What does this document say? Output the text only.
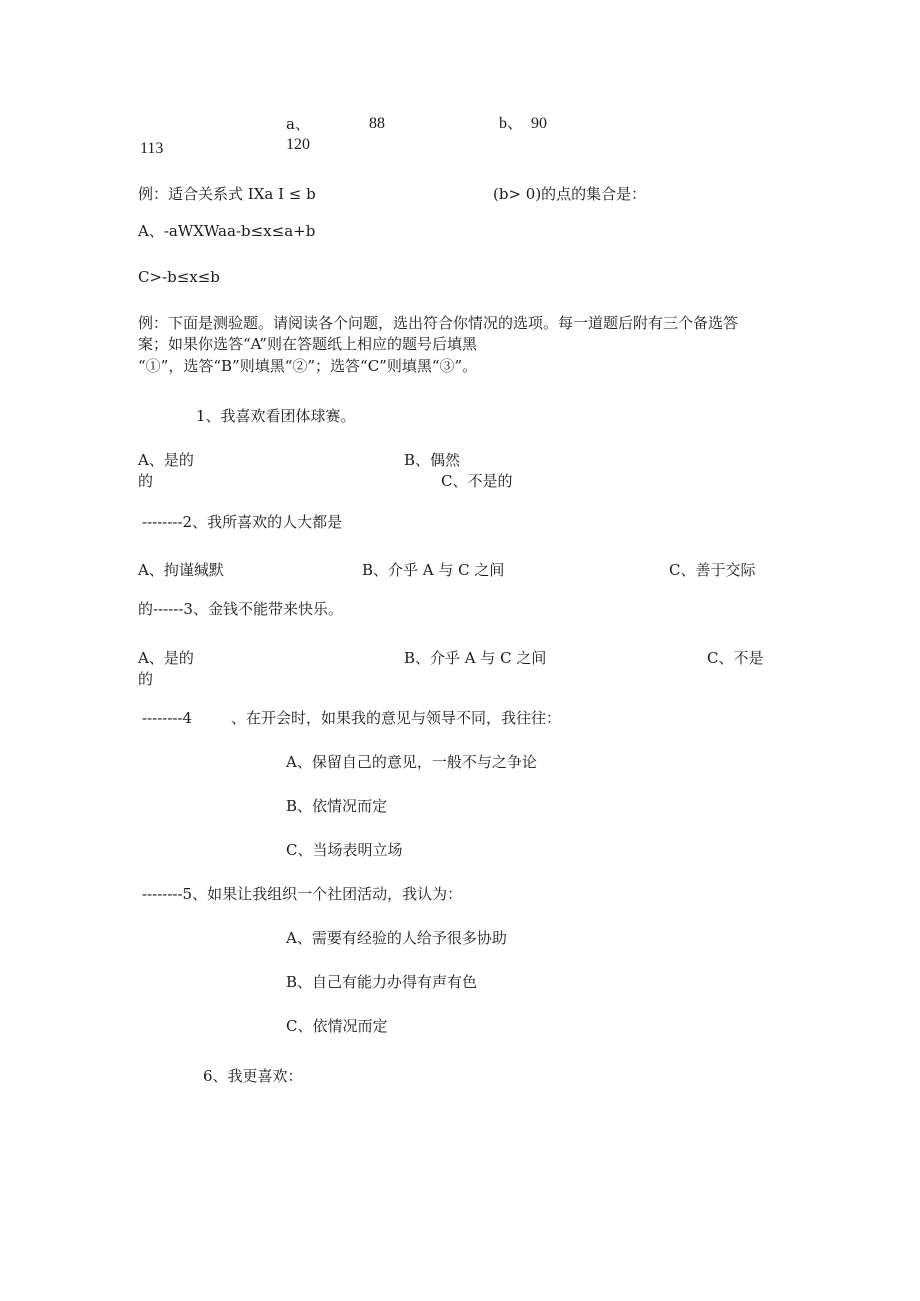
a、	88	b、 90
113	120
例：适合关系式 IXa I ≤ b	(b> 0)的点的集合是：
A、-aWXWaa-b≤x≤a+b
C>-b≤x≤b
例：下面是测验题。请阅读各个问题，选出符合你情况的选项。每一道题后附有三个备选答
案；如果你选答“A”则在答题纸上相应的题号后填黑
“①”，选答“B”则填黑“②”；选答“C”则填黑“③”。
1、我喜欢看团体球赛。
A、是的	B、偶然
的	C、不是的
--------2、我所喜欢的人大都是
A、拘谨缄默	B、介乎 A 与 C 之间	C、善于交际
的------3、金钱不能带来快乐。
A、是的	B、介乎 A 与 C 之间	C、不是
的
--------4	、在开会时，如果我的意见与领导不同，我往往：
A、保留自己的意见，一般不与之争论
B、依情况而定
C、当场表明立场
--------5、如果让我组织一个社团活动，我认为：
A、需要有经验的人给予很多协助
B、自己有能力办得有声有色
C、依情况而定
6、我更喜欢：
